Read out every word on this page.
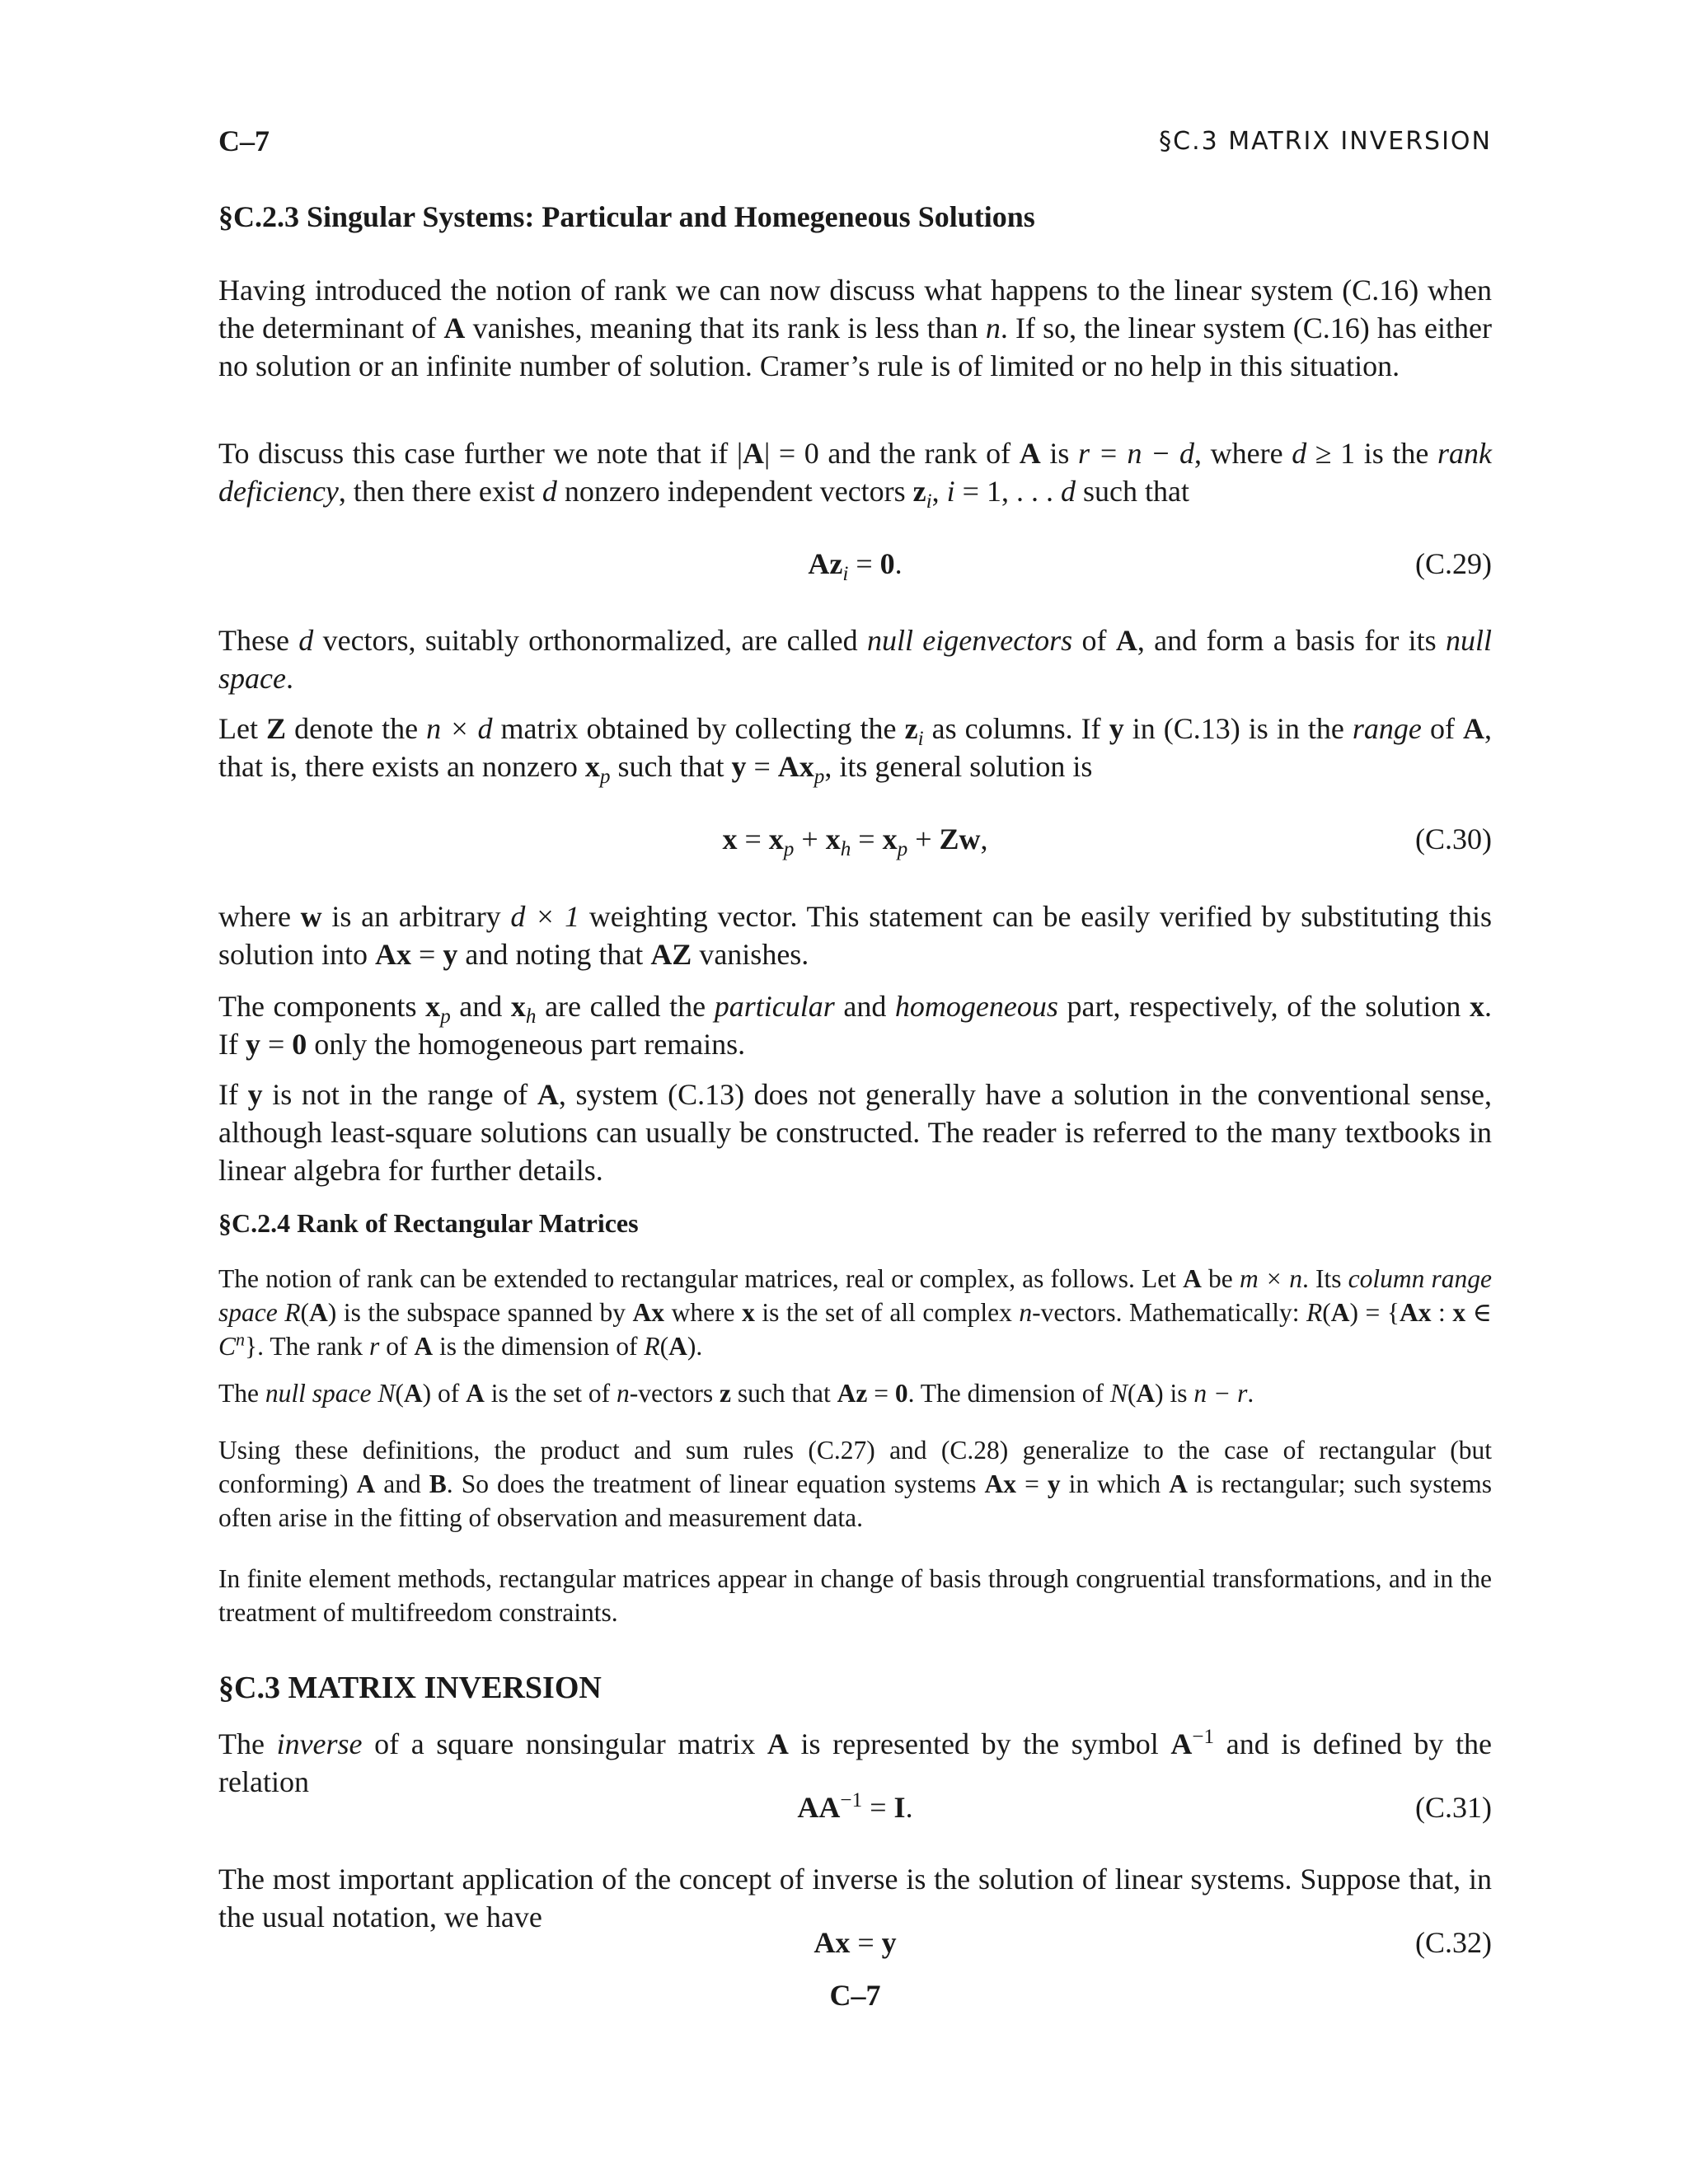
C–7	§C.3 MATRIX INVERSION
§C.2.3 Singular Systems: Particular and Homegeneous Solutions
Having introduced the notion of rank we can now discuss what happens to the linear system (C.16) when the determinant of A vanishes, meaning that its rank is less than n. If so, the linear system (C.16) has either no solution or an infinite number of solution. Cramer’s rule is of limited or no help in this situation.
To discuss this case further we note that if |A| = 0 and the rank of A is r = n − d, where d ≥ 1 is the rank deficiency, then there exist d nonzero independent vectors $z_i$, i = 1, . . . d such that
$Az_i = 0$.	(C.29)
These d vectors, suitably orthonormalized, are called null eigenvectors of A, and form a basis for its null space.
Let Z denote the n × d matrix obtained by collecting the $z_i$ as columns. If y in (C.13) is in the range of A, that is, there exists an nonzero $x_p$ such that $y = Ax_p$, its general solution is
$x = x_p + x_h = x_p + Zw$,	(C.30)
where w is an arbitrary d × 1 weighting vector. This statement can be easily verified by substituting this solution into Ax = y and noting that AZ vanishes.
The components $x_p$ and $x_h$ are called the particular and homogeneous part, respectively, of the solution x. If y = 0 only the homogeneous part remains.
If y is not in the range of A, system (C.13) does not generally have a solution in the conventional sense, although least-square solutions can usually be constructed. The reader is referred to the many textbooks in linear algebra for further details.
§C.2.4 Rank of Rectangular Matrices
The notion of rank can be extended to rectangular matrices, real or complex, as follows. Let A be m × n. Its column range space R(A) is the subspace spanned by Ax where x is the set of all complex n-vectors. Mathematically: R(A) = {Ax : x ∈ $C^n$}. The rank r of A is the dimension of R(A).
The null space N(A) of A is the set of n-vectors z such that Az = 0. The dimension of N(A) is n − r.
Using these definitions, the product and sum rules (C.27) and (C.28) generalize to the case of rectangular (but conforming) A and B. So does the treatment of linear equation systems Ax = y in which A is rectangular; such systems often arise in the fitting of observation and measurement data.
In finite element methods, rectangular matrices appear in change of basis through congruential transformations, and in the treatment of multifreedom constraints.
§C.3 MATRIX INVERSION
The inverse of a square nonsingular matrix A is represented by the symbol $A^{-1}$ and is defined by the relation
$AA^{-1} = I$.	(C.31)
The most important application of the concept of inverse is the solution of linear systems. Suppose that, in the usual notation, we have
Ax = y	(C.32)
C–7
